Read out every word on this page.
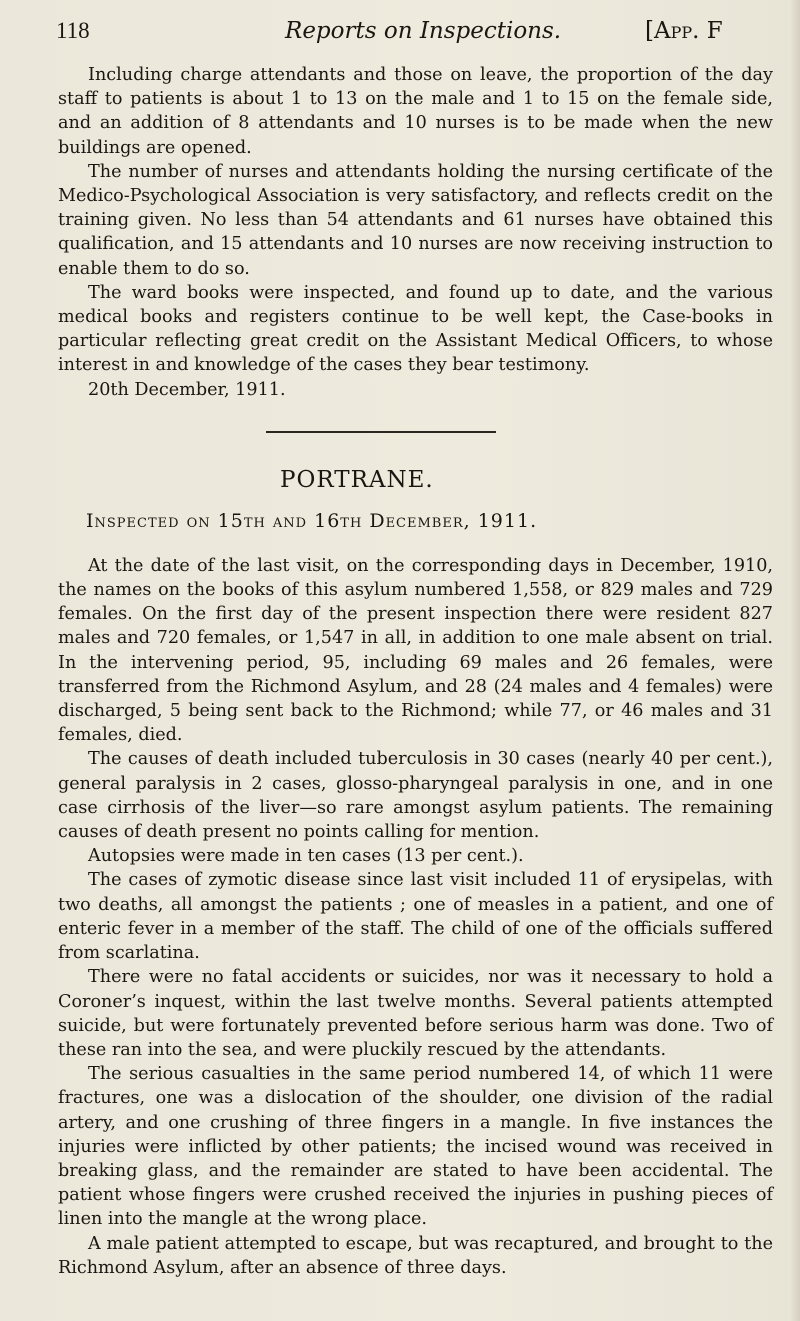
118	Reports on Inspections.	[App. F

Including charge attendants and those on leave, the proportion of the day staff to patients is about 1 to 13 on the male and 1 to 15 on the female side, and an addition of 8 attendants and 10 nurses is to be made when the new buildings are opened.

The number of nurses and attendants holding the nursing certificate of the Medico-Psychological Association is very satisfactory, and reflects credit on the training given. No less than 54 attendants and 61 nurses have obtained this qualification, and 15 attendants and 10 nurses are now receiving instruction to enable them to do so.

The ward books were inspected, and found up to date, and the various medical books and registers continue to be well kept, the Case-books in particular reflecting great credit on the Assistant Medical Officers, to whose interest in and knowledge of the cases they bear testimony.

20th December, 1911.

PORTRANE.

Inspected on 15th and 16th December, 1911.

At the date of the last visit, on the corresponding days in December, 1910, the names on the books of this asylum numbered 1,558, or 829 males and 729 females. On the first day of the present inspection there were resident 827 males and 720 females, or 1,547 in all, in addition to one male absent on trial. In the intervening period, 95, including 69 males and 26 females, were transferred from the Richmond Asylum, and 28 (24 males and 4 females) were discharged, 5 being sent back to the Richmond; while 77, or 46 males and 31 females, died.

The causes of death included tuberculosis in 30 cases (nearly 40 per cent.), general paralysis in 2 cases, glosso-pharyngeal paralysis in one, and in one case cirrhosis of the liver—so rare amongst asylum patients. The remaining causes of death present no points calling for mention.

Autopsies were made in ten cases (13 per cent.).

The cases of zymotic disease since last visit included 11 of erysipelas, with two deaths, all amongst the patients ; one of measles in a patient, and one of enteric fever in a member of the staff. The child of one of the officials suffered from scarlatina.

There were no fatal accidents or suicides, nor was it necessary to hold a Coroner’s inquest, within the last twelve months. Several patients attempted suicide, but were fortunately prevented before serious harm was done. Two of these ran into the sea, and were pluckily rescued by the attendants.

The serious casualties in the same period numbered 14, of which 11 were fractures, one was a dislocation of the shoulder, one division of the radial artery, and one crushing of three fingers in a mangle. In five instances the injuries were inflicted by other patients; the incised wound was received in breaking glass, and the remainder are stated to have been accidental. The patient whose fingers were crushed received the injuries in pushing pieces of linen into the mangle at the wrong place.

A male patient attempted to escape, but was recaptured, and brought to the Richmond Asylum, after an absence of three days.
